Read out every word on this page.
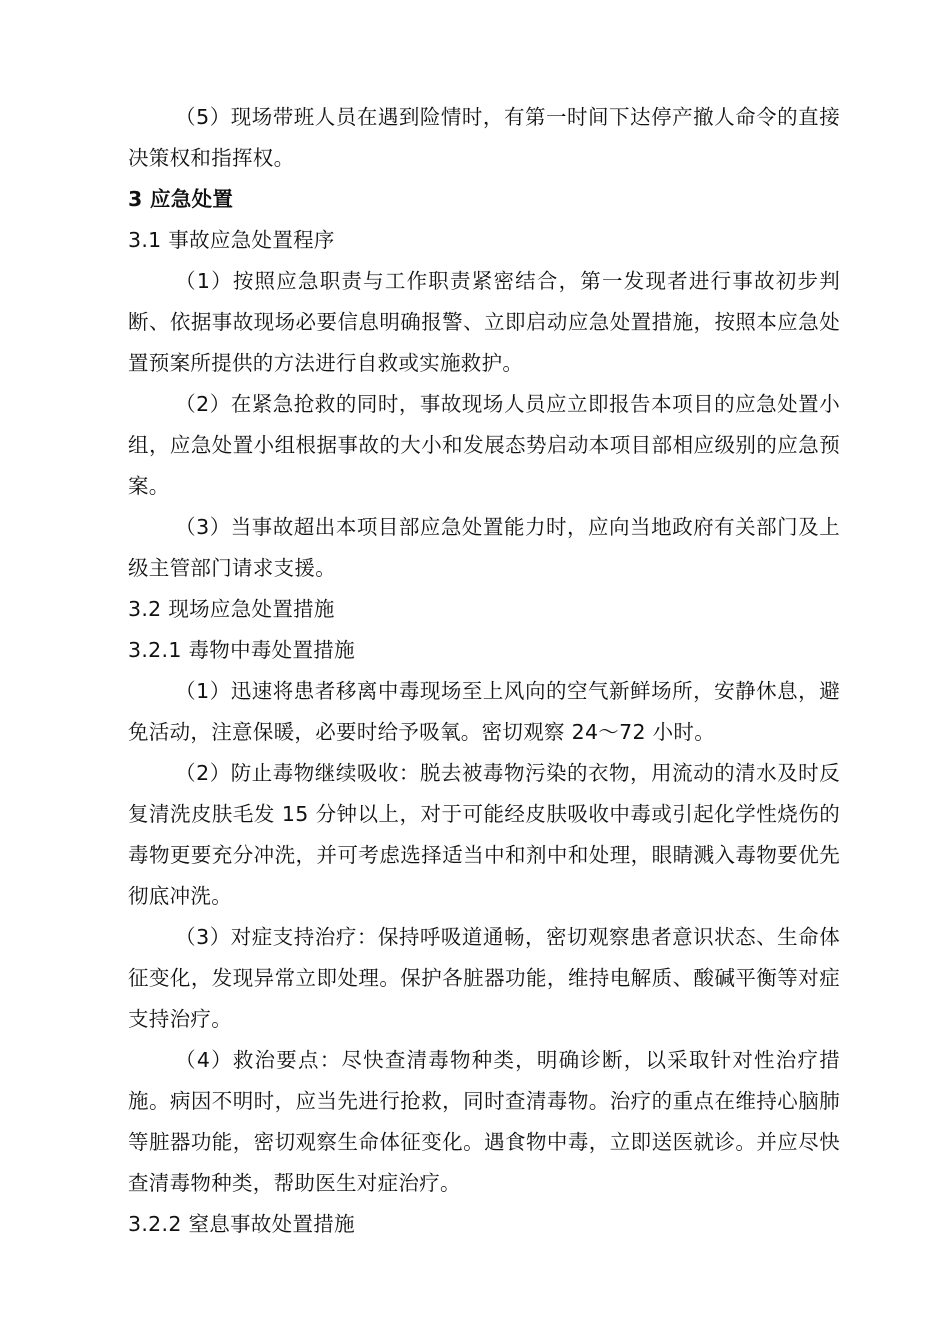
（5）现场带班人员在遇到险情时，有第一时间下达停产撤人命令的直接决策权和指挥权。

3 应急处置

3.1 事故应急处置程序

（1）按照应急职责与工作职责紧密结合，第一发现者进行事故初步判断、依据事故现场必要信息明确报警、立即启动应急处置措施，按照本应急处置预案所提供的方法进行自救或实施救护。

（2）在紧急抢救的同时，事故现场人员应立即报告本项目的应急处置小组，应急处置小组根据事故的大小和发展态势启动本项目部相应级别的应急预案。

（3）当事故超出本项目部应急处置能力时，应向当地政府有关部门及上级主管部门请求支援。

3.2 现场应急处置措施

3.2.1 毒物中毒处置措施

（1）迅速将患者移离中毒现场至上风向的空气新鲜场所，安静休息，避免活动，注意保暖，必要时给予吸氧。密切观察 24～72 小时。

（2）防止毒物继续吸收：脱去被毒物污染的衣物，用流动的清水及时反复清洗皮肤毛发 15 分钟以上，对于可能经皮肤吸收中毒或引起化学性烧伤的毒物更要充分冲洗，并可考虑选择适当中和剂中和处理，眼睛溅入毒物要优先彻底冲洗。

（3）对症支持治疗：保持呼吸道通畅，密切观察患者意识状态、生命体征变化，发现异常立即处理。保护各脏器功能，维持电解质、酸碱平衡等对症支持治疗。

（4）救治要点：尽快查清毒物种类，明确诊断，以采取针对性治疗措施。病因不明时，应当先进行抢救，同时查清毒物。治疗的重点在维持心脑肺等脏器功能，密切观察生命体征变化。遇食物中毒，立即送医就诊。并应尽快查清毒物种类，帮助医生对症治疗。

3.2.2 窒息事故处置措施
